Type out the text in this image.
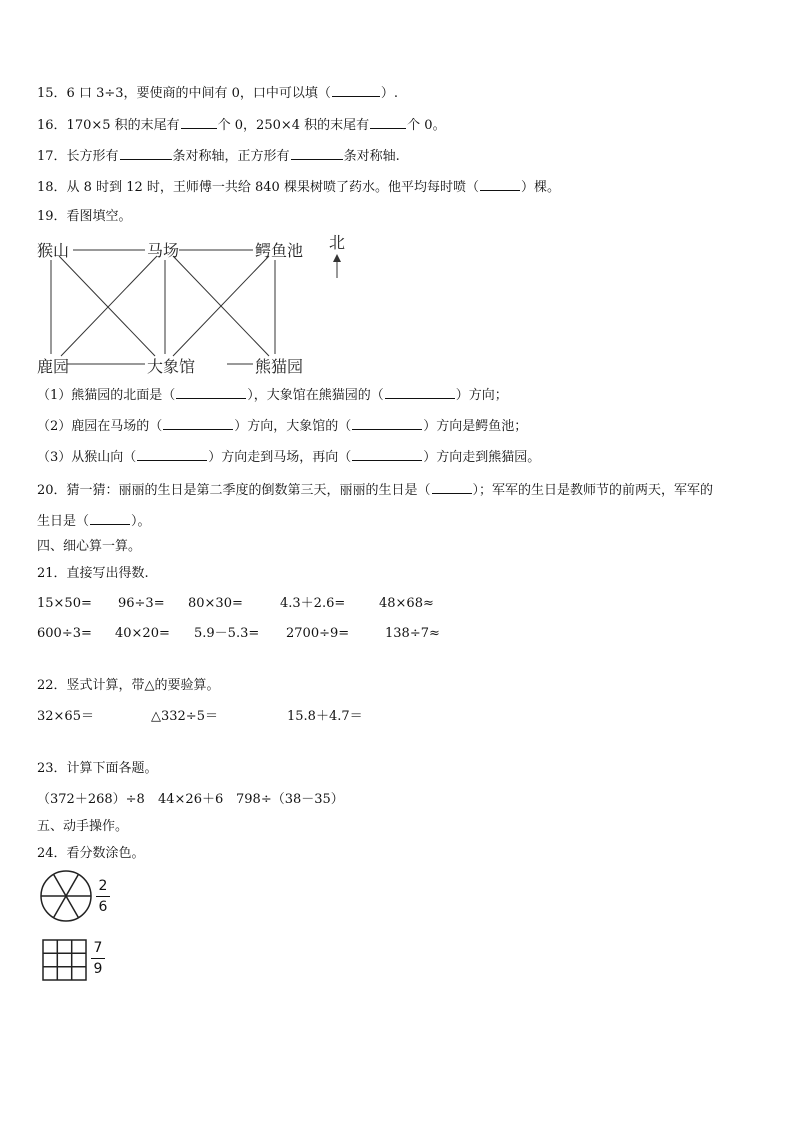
15．6 口 3÷3，要使商的中间有 0，口中可以填（	）.
16．170×5 积的末尾有	个 0，250×4 积的末尾有	个 0。
17．长方形有	条对称轴，正方形有	条对称轴.
18．从 8 时到 12 时，王师傅一共给 840 棵果树喷了药水。他平均每时喷（	）棵。
19．看图填空。
猴山	马场	鳄鱼池
鹿园	大象馆	熊猫园
北
（1）熊猫园的北面是（	），大象馆在熊猫园的（	）方向；
（2）鹿园在马场的（	）方向，大象馆的（	）方向是鳄鱼池；
（3）从猴山向（	）方向走到马场，再向（	）方向走到熊猫园。
20．猜一猜：丽丽的生日是第二季度的倒数第三天，丽丽的生日是（	）；军军的生日是教师节的前两天，军军的
生日是（	）。
四、细心算一算。
21．直接写出得数.
15×50= 96÷3= 80×30=	4.3＋2.6=	48×68≈
600÷3= 40×20= 5.9－5.3= 2700÷9=	138÷7≈
22．竖式计算，带△的要验算。
32×65＝	△332÷5＝	15.8＋4.7＝
23．计算下面各题。
（372＋268）÷8 44×26＋6 798÷（38－35）
五、动手操作。
24．看分数涂色。
2
6
7
9
